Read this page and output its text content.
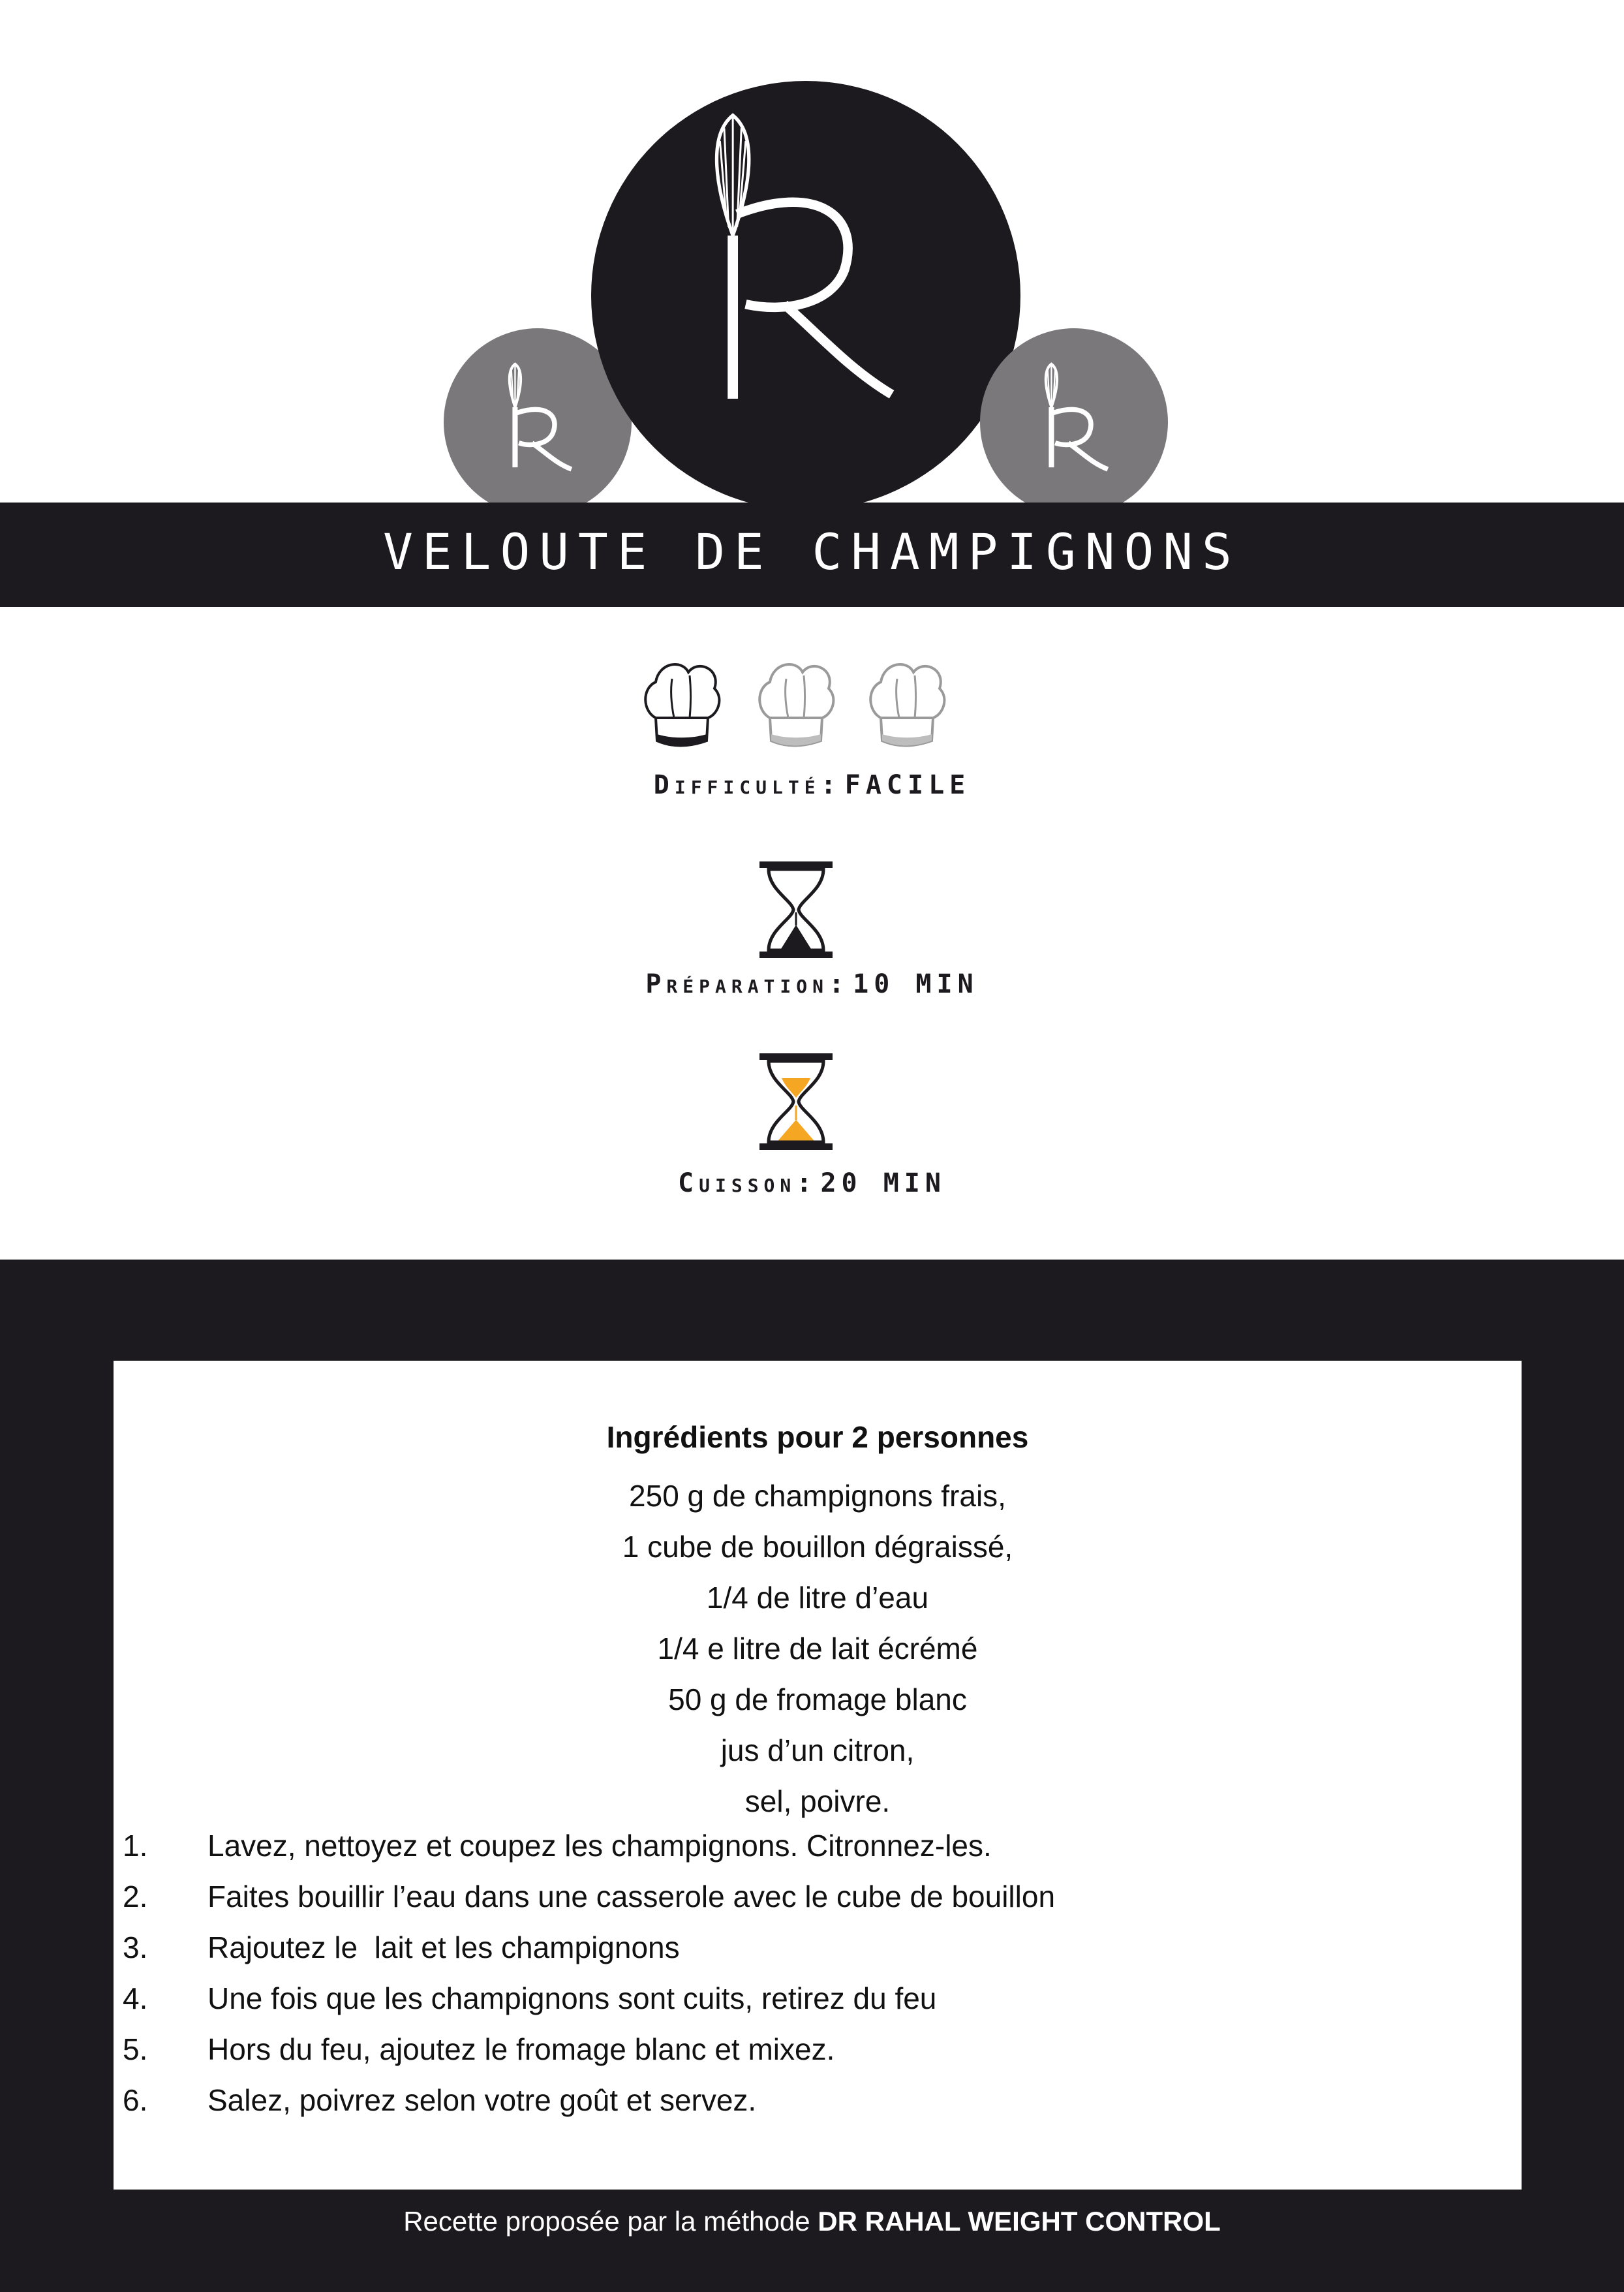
VELOUTE DE CHAMPIGNONS
Difficulté: FACILE
Préparation: 10 MIN
Cuisson: 20 MIN
Ingrédients pour 2 personnes
250 g de champignons frais,
1 cube de bouillon dégraissé,
1/4 de litre d’eau
1/4 e litre de lait écrémé
50 g de fromage blanc
jus d’un citron,
sel, poivre.
1.	Lavez, nettoyez et coupez les champignons. Citronnez-les.
2.	Faites bouillir l’eau dans une casserole avec le cube de bouillon
3.	Rajoutez le  lait et les champignons
4.	Une fois que les champignons sont cuits, retirez du feu
5.	Hors du feu, ajoutez le fromage blanc et mixez.
6.	Salez, poivrez selon votre goût et servez.
Recette proposée par la méthode DR RAHAL WEIGHT CONTROL
